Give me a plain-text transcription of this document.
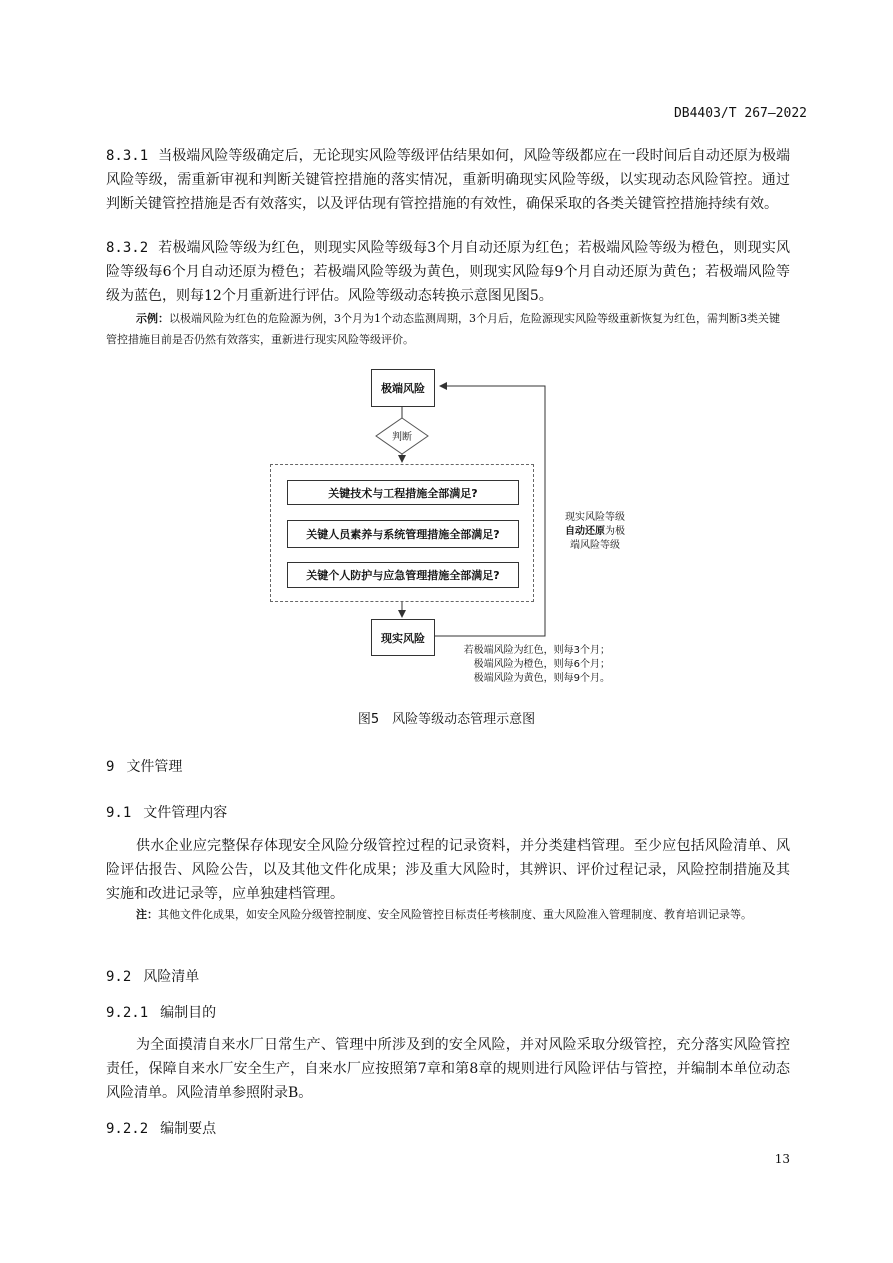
DB4403/T 267—2022
8.3.1 当极端风险等级确定后，无论现实风险等级评估结果如何，风险等级都应在一段时间后自动还原为极端风险等级，需重新审视和判断关键管控措施的落实情况，重新明确现实风险等级，以实现动态风险管控。通过判断关键管控措施是否有效落实，以及评估现有管控措施的有效性，确保采取的各类关键管控措施持续有效。
8.3.2 若极端风险等级为红色，则现实风险等级每3个月自动还原为红色；若极端风险等级为橙色，则现实风险等级每6个月自动还原为橙色；若极端风险等级为黄色，则现实风险每9个月自动还原为黄色；若极端风险等级为蓝色，则每12个月重新进行评估。风险等级动态转换示意图见图5。
示例：以极端风险为红色的危险源为例，3个月为1个动态监测周期，3个月后，危险源现实风险等级重新恢复为红色，需判断3类关键管控措施目前是否仍然有效落实，重新进行现实风险等级评价。
极端风险
判断
关键技术与工程措施全部满足?
关键人员素养与系统管理措施全部满足?
关键个人防护与应急管理措施全部满足?
现实风险
现实风险等级
自动还原为极
端风险等级
若极端风险为红色，则每3个月；
极端风险为橙色，则每6个月；
极端风险为黄色，则每9个月。
图5　风险等级动态管理示意图
9 文件管理
9.1 文件管理内容
供水企业应完整保存体现安全风险分级管控过程的记录资料，并分类建档管理。至少应包括风险清单、风险评估报告、风险公告，以及其他文件化成果；涉及重大风险时，其辨识、评价过程记录，风险控制措施及其实施和改进记录等，应单独建档管理。
注：其他文件化成果，如安全风险分级管控制度、安全风险管控目标责任考核制度、重大风险准入管理制度、教育培训记录等。
9.2 风险清单
9.2.1 编制目的
为全面摸清自来水厂日常生产、管理中所涉及到的安全风险，并对风险采取分级管控，充分落实风险管控责任，保障自来水厂安全生产，自来水厂应按照第7章和第8章的规则进行风险评估与管控，并编制本单位动态风险清单。风险清单参照附录B。
9.2.2 编制要点
13
